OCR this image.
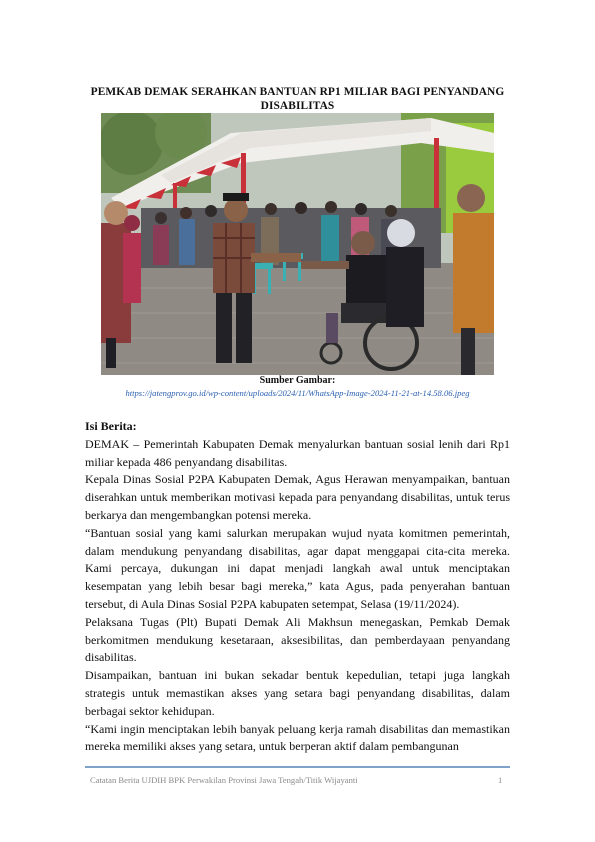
PEMKAB DEMAK SERAHKAN BANTUAN RP1 MILIAR BAGI PENYANDANG DISABILITAS
Sumber Gambar:
https://jatengprov.go.id/wp-content/uploads/2024/11/WhatsApp-Image-2024-11-21-at-14.58.06.jpeg

Isi Berita:

DEMAK – Pemerintah Kabupaten Demak menyalurkan bantuan sosial lenih dari Rp1 miliar kepada 486 penyandang disabilitas.

Kepala Dinas Sosial P2PA Kabupaten Demak, Agus Herawan menyampaikan, bantuan diserahkan untuk memberikan motivasi kepada para penyandang disabilitas, untuk terus berkarya dan mengembangkan potensi mereka.

“Bantuan sosial yang kami salurkan merupakan wujud nyata komitmen pemerintah, dalam mendukung penyandang disabilitas, agar dapat menggapai cita-cita mereka. Kami percaya, dukungan ini dapat menjadi langkah awal untuk menciptakan kesempatan yang lebih besar bagi mereka,” kata Agus, pada penyerahan bantuan tersebut, di Aula Dinas Sosial P2PA kabupaten setempat, Selasa (19/11/2024).

Pelaksana Tugas (Plt) Bupati Demak Ali Makhsun menegaskan, Pemkab Demak berkomitmen mendukung kesetaraan, aksesibilitas, dan pemberdayaan penyandang disabilitas.

Disampaikan, bantuan ini bukan sekadar bentuk kepedulian, tetapi juga langkah strategis untuk memastikan akses yang setara bagi penyandang disabilitas, dalam berbagai sektor kehidupan.

“Kami ingin menciptakan lebih banyak peluang kerja ramah disabilitas dan memastikan mereka memiliki akses yang setara, untuk berperan aktif dalam pembangunan

Catatan Berita UJDIH BPK Perwakilan Provinsi Jawa Tengah/Titik Wijayanti	1
